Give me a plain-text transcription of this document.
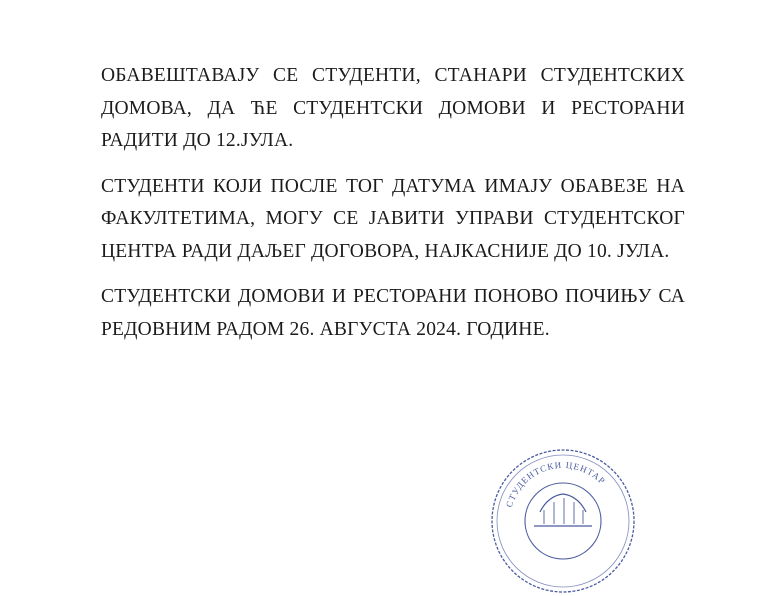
ОБАВЕШТАВАЈУ СЕ СТУДЕНТИ, СТАНАРИ СТУДЕНТСКИХ ДОМОВА, ДА ЋЕ СТУДЕНТСКИ ДОМОВИ И РЕСТОРАНИ РАДИТИ ДО 12.ЈУЛА.

СТУДЕНТИ КОЈИ ПОСЛЕ ТОГ ДАТУМА ИМАЈУ ОБАВЕЗЕ НА ФАКУЛТЕТИМА, МОГУ СЕ ЈАВИТИ УПРАВИ СТУДЕНТСКОГ ЦЕНТРА РАДИ ДАЉЕГ ДОГОВОРА, НАЈКАСНИЈЕ ДО 10. ЈУЛА.

СТУДЕНТСКИ ДОМОВИ И РЕСТОРАНИ ПОНОВО ПОЧИЊУ СА РЕДОВНИМ РАДОМ 26. АВГУСТА 2024. ГОДИНЕ.

СТУДЕНТСКИ ЦЕНТАР
